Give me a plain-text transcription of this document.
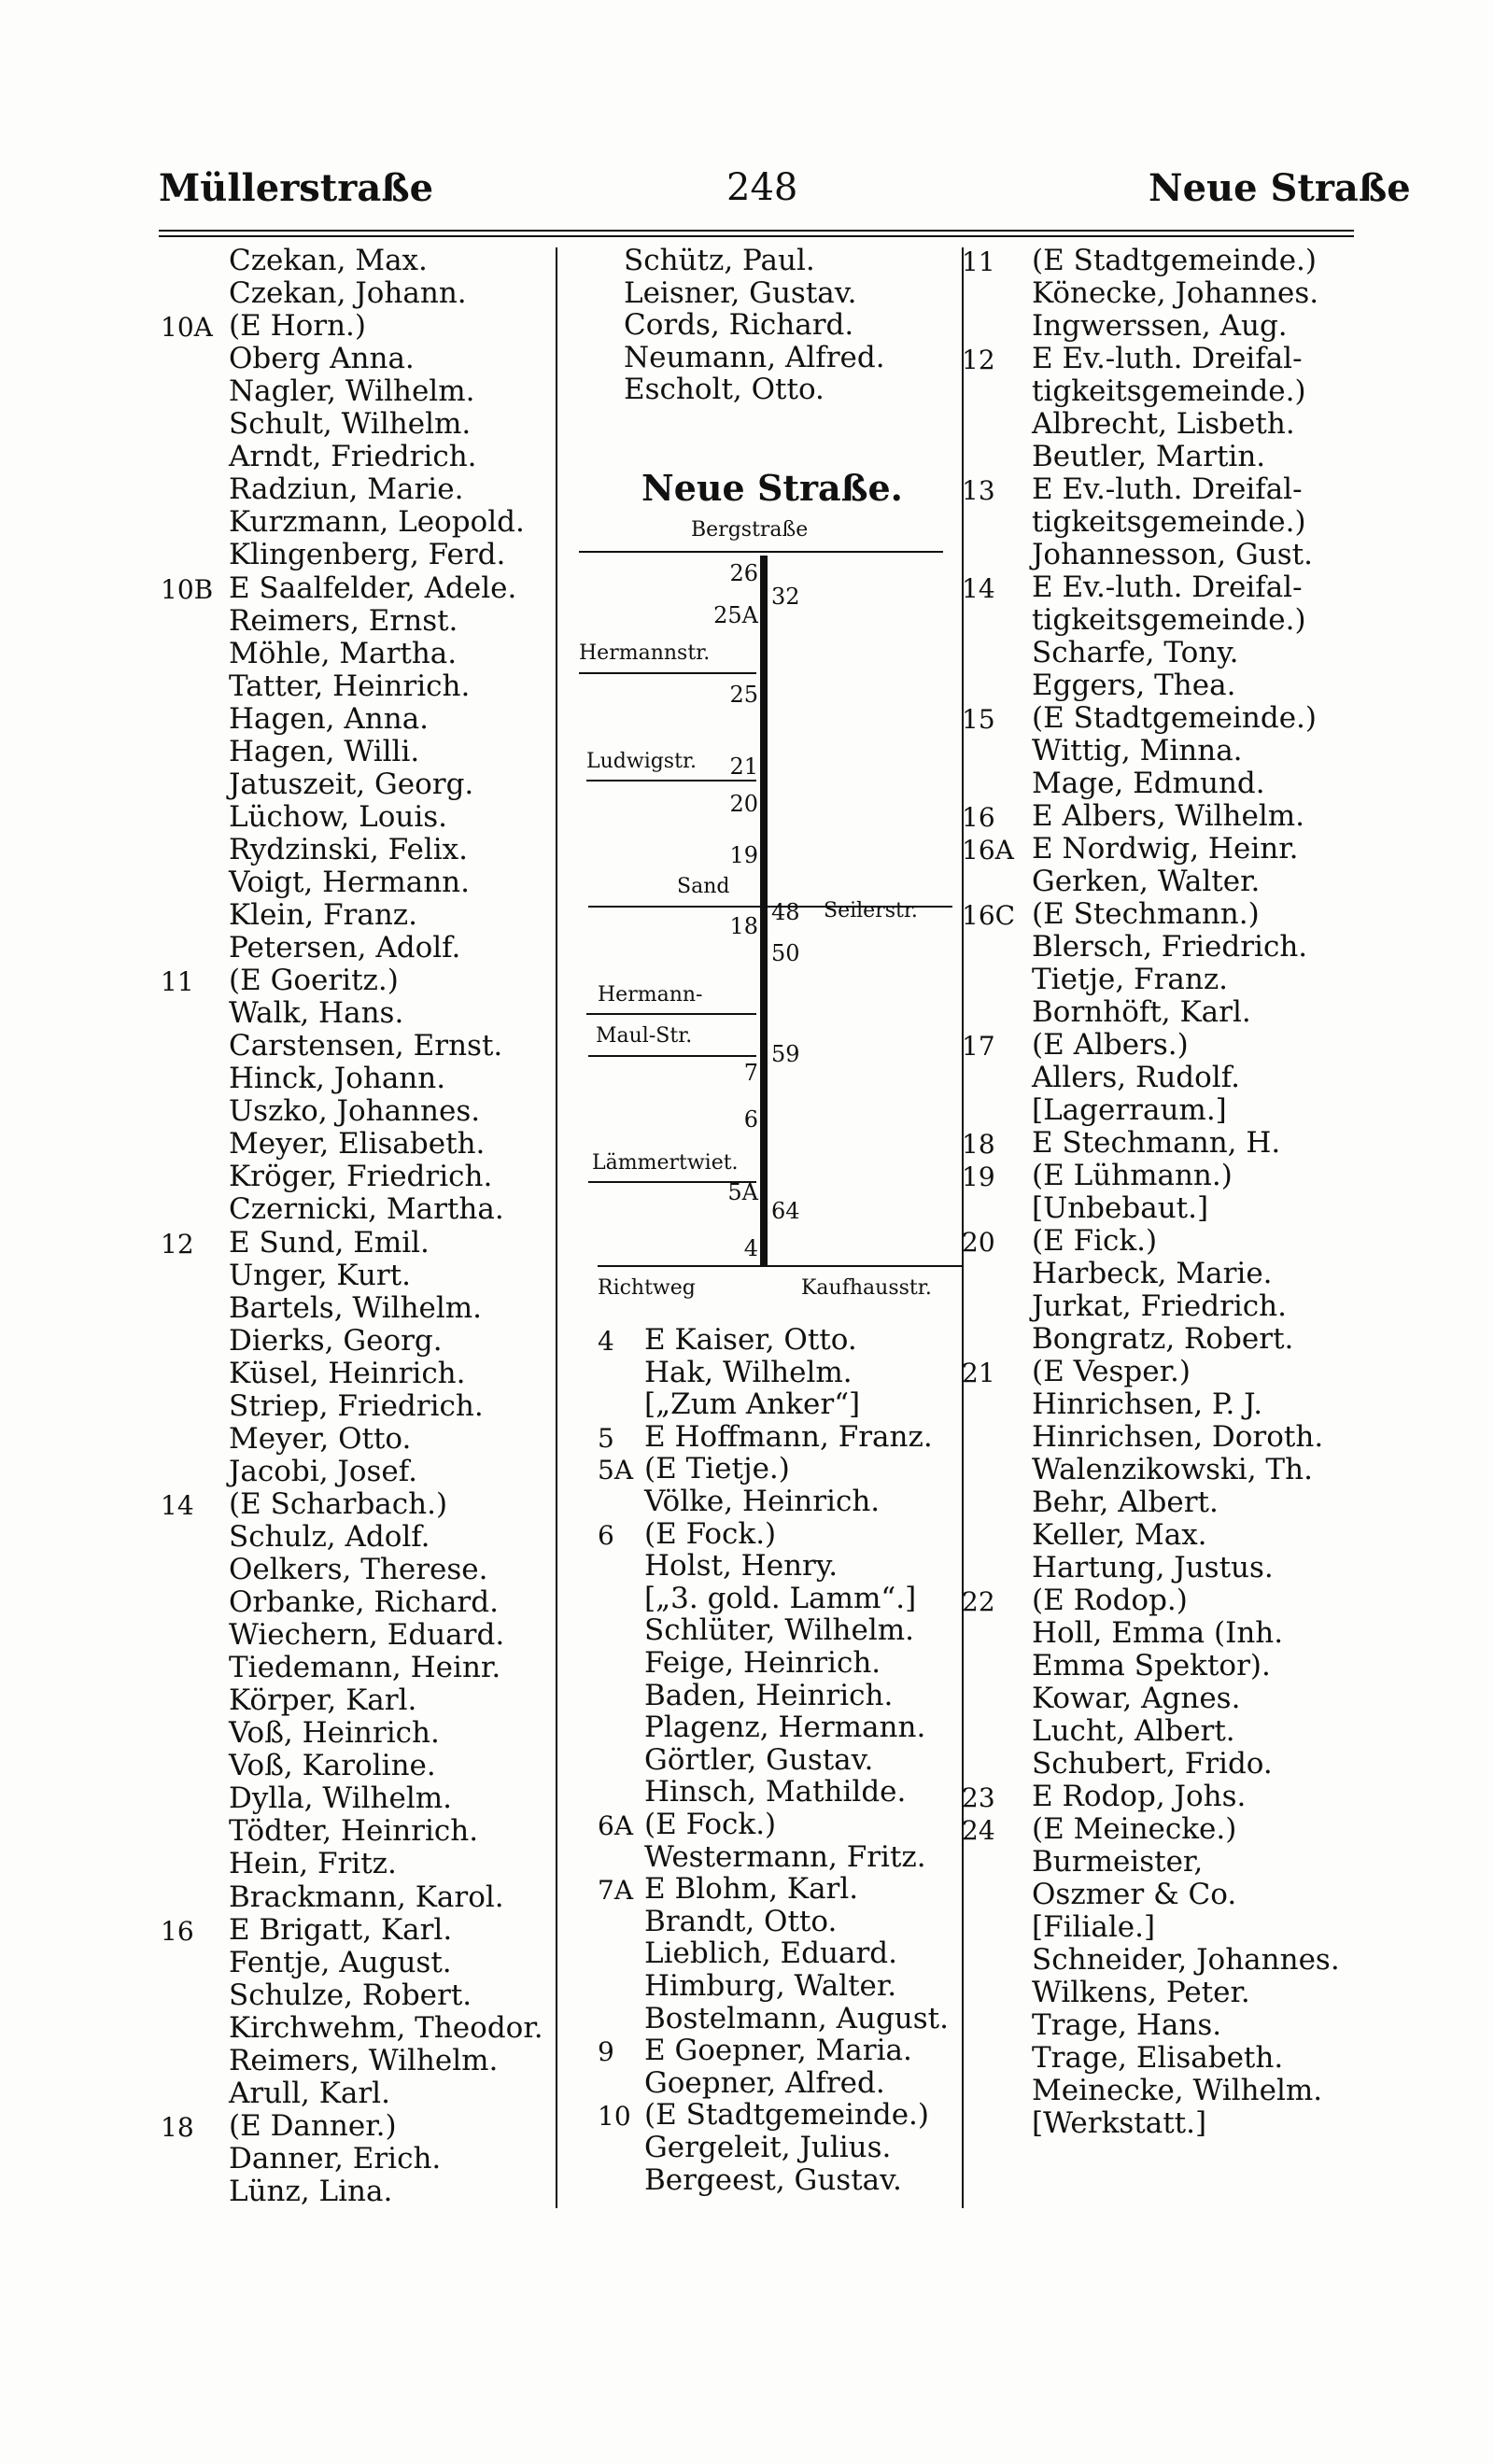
Müllerstraße	248	Neue Straße
Czekan, Max.
Czekan, Johann.
10A (E Horn.)
Oberg Anna.
Nagler, Wilhelm.
Schult, Wilhelm.
Arndt, Friedrich.
Radziun, Marie.
Kurzmann, Leopold.
Klingenberg, Ferd.
10B E Saalfelder, Adele.
Reimers, Ernst.
Möhle, Martha.
Tatter, Heinrich.
Hagen, Anna.
Hagen, Willi.
Jatuszeit, Georg.
Lüchow, Louis.
Rydzinski, Felix.
Voigt, Hermann.
Klein, Franz.
Petersen, Adolf.
11 (E Goeritz.)
Walk, Hans.
Carstensen, Ernst.
Hinck, Johann.
Uszko, Johannes.
Meyer, Elisabeth.
Kröger, Friedrich.
Czernicki, Martha.
12 E Sund, Emil.
Unger, Kurt.
Bartels, Wilhelm.
Dierks, Georg.
Küsel, Heinrich.
Striep, Friedrich.
Meyer, Otto.
Jacobi, Josef.
14 (E Scharbach.)
Schulz, Adolf.
Oelkers, Therese.
Orbanke, Richard.
Wiechern, Eduard.
Tiedemann, Heinr.
Körper, Karl.
Voß, Heinrich.
Voß, Karoline.
Dylla, Wilhelm.
Tödter, Heinrich.
Hein, Fritz.
Brackmann, Karol.
16 E Brigatt, Karl.
Fentje, August.
Schulze, Robert.
Kirchwehm, Theodor.
Reimers, Wilhelm.
Arull, Karl.
18 (E Danner.)
Danner, Erich.
Lünz, Lina.
Schütz, Paul.
Leisner, Gustav.
Cords, Richard.
Neumann, Alfred.
Escholt, Otto.
Neue Straße.
Bergstraße
Hermannstr.
Ludwigstr.
Sand
Seilerstr.
Hermann-
Maul-Str.
Lämmertwiet.
Richtweg	Kaufhausstr.
26
25A
25
21
20
19
18
7
6
5A
4
32
48
50
59
64
4 E Kaiser, Otto.
Hak, Wilhelm.
[„Zum Anker“]
5 E Hoffmann, Franz.
5A (E Tietje.)
Völke, Heinrich.
6 (E Fock.)
Holst, Henry.
[„3. gold. Lamm“.]
Schlüter, Wilhelm.
Feige, Heinrich.
Baden, Heinrich.
Plagenz, Hermann.
Görtler, Gustav.
Hinsch, Mathilde.
6A (E Fock.)
Westermann, Fritz.
7A E Blohm, Karl.
Brandt, Otto.
Lieblich, Eduard.
Himburg, Walter.
Bostelmann, August.
9 E Goepner, Maria.
Goepner, Alfred.
10 (E Stadtgemeinde.)
Gergeleit, Julius.
Bergeest, Gustav.
11 (E Stadtgemeinde.)
Könecke, Johannes.
Ingwerssen, Aug.
12 E Ev.-luth. Dreifal-
tigkeitsgemeinde.)
Albrecht, Lisbeth.
Beutler, Martin.
13 E Ev.-luth. Dreifal-
tigkeitsgemeinde.)
Johannesson, Gust.
14 E Ev.-luth. Dreifal-
tigkeitsgemeinde.)
Scharfe, Tony.
Eggers, Thea.
15 (E Stadtgemeinde.)
Wittig, Minna.
Mage, Edmund.
16 E Albers, Wilhelm.
16A E Nordwig, Heinr.
Gerken, Walter.
16C (E Stechmann.)
Blersch, Friedrich.
Tietje, Franz.
Bornhöft, Karl.
17 (E Albers.)
Allers, Rudolf.
[Lagerraum.]
18 E Stechmann, H.
19 (E Lühmann.)
[Unbebaut.]
20 (E Fick.)
Harbeck, Marie.
Jurkat, Friedrich.
Bongratz, Robert.
21 (E Vesper.)
Hinrichsen, P. J.
Hinrichsen, Doroth.
Walenzikowski, Th.
Behr, Albert.
Keller, Max.
Hartung, Justus.
22 (E Rodop.)
Holl, Emma (Inh.
Emma Spektor).
Kowar, Agnes.
Lucht, Albert.
Schubert, Frido.
23 E Rodop, Johs.
24 (E Meinecke.)
Burmeister,
Oszmer & Co.
[Filiale.]
Schneider, Johannes.
Wilkens, Peter.
Trage, Hans.
Trage, Elisabeth.
Meinecke, Wilhelm.
[Werkstatt.]
